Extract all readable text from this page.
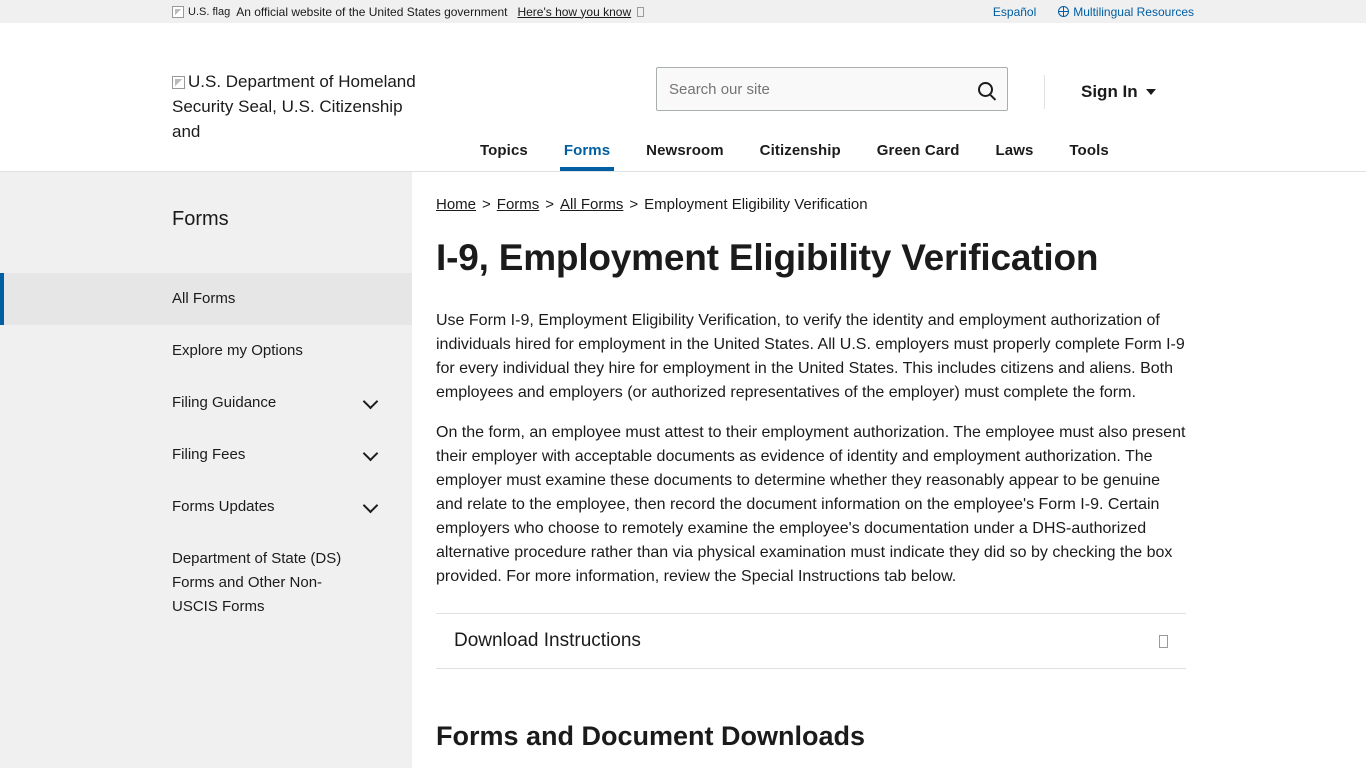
U.S. flag An official website of the United States government Here's how you know	Español	Multilingual Resources
U.S. Department of Homeland Security Seal, U.S. Citizenship and
Search our site
Sign In
Topics	Forms	Newsroom	Citizenship	Green Card	Laws	Tools
Forms
All Forms
Explore my Options
Filing Guidance
Filing Fees
Forms Updates
Department of State (DS) Forms and Other Non-USCIS Forms
Home > Forms > All Forms > Employment Eligibility Verification
I-9, Employment Eligibility Verification

Use Form I-9, Employment Eligibility Verification, to verify the identity and employment authorization of individuals hired for employment in the United States. All U.S. employers must properly complete Form I-9 for every individual they hire for employment in the United States. This includes citizens and aliens. Both employees and employers (or authorized representatives of the employer) must complete the form.

On the form, an employee must attest to their employment authorization. The employee must also present their employer with acceptable documents as evidence of identity and employment authorization. The employer must examine these documents to determine whether they reasonably appear to be genuine and relate to the employee, then record the document information on the employee's Form I-9. Certain employers who choose to remotely examine the employee's documentation under a DHS-authorized alternative procedure rather than via physical examination must indicate they did so by checking the box provided. For more information, review the Special Instructions tab below.

Download Instructions
Forms and Document Downloads
